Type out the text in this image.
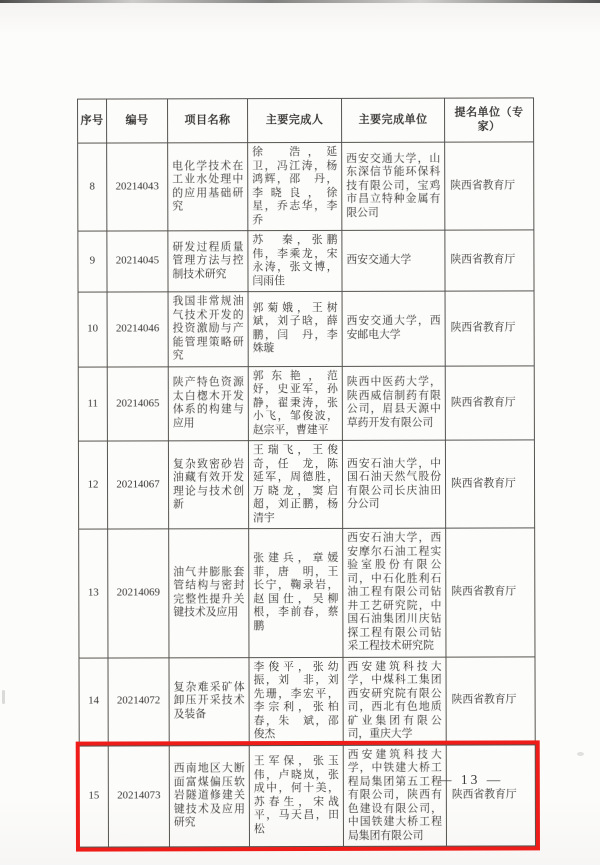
序号	编号	项目名称	主要完成人	主要完成单位	提名单位（专家）
8	20214043	电化学技术在工业水处理中的应用基础研究	徐　浩，延　卫，冯江涛，杨鸿辉，邵　丹，李晓良，徐　星，乔志华，李　乔	西安交通大学，山东深信节能环保科技有限公司，宝鸡市昌立特种金属有限公司	陕西省教育厅
9	20214045	研发过程质量管理方法与控制技术研究	苏　秦，张鹏伟，李乘龙，宋永涛，张文博，闫雨佳	西安交通大学	陕西省教育厅
10	20214046	我国非常规油气技术开发的投资激励与产能管理策略研究	郭菊娥，王树斌，刘子晗，薛　鹏，闫　丹，李姝璇	西安交通大学，西安邮电大学	陕西省教育厅
11	20214065	陕产特色资源太白楤木开发体系的构建与应用	郭东艳，范　妤，史亚军，孙　静，翟秉涛，张小飞，邹俊波，赵宗平，曹建平	陕西中医药大学，陕西威信制药有限公司，眉县天源中草药开发有限公司	陕西省教育厅
12	20214067	复杂致密砂岩油藏有效开发理论与技术创新	王瑞飞，王俊奇，任　龙，陈延军，周德胜，万晓龙，窦启超，刘正鹏，杨清宇	西安石油大学，中国石油天然气股份有限公司长庆油田分公司	陕西省教育厅
13	20214069	油气井膨胀套管结构与密封完整性提升关键技术及应用	张建兵，章媛菲，唐　明，王长宁，鞠录岩，赵国仕，吴柳根，李前春，蔡　鹏	西安石油大学，西安摩尔石油工程实验室股份有限公司，中石化胜利石油工程有限公司钻井工艺研究院，中国石油集团川庆钻探工程有限公司钻采工程技术研究院	陕西省教育厅
14	20214072	复杂难采矿体卸压开采技术及装备	李俊平，张幼振，刘　非，刘先珊，李宏平，李宗利，张柏春，朱　斌，邵俊杰	西安建筑科技大学，中煤科工集团西安研究院有限公司，西北有色地质矿业集团有限公司，重庆大学	陕西省教育厅
15	20214073	西南地区大断面富煤偏压软岩隧道修建关键技术及应用研究	王军保，张玉伟，卢晓岚，张成中，何十美，苏春生，宋战平，马天昌，田　松	西安建筑科技大学，中铁建大桥工程局集团第五工程有限公司，陕西有色建设有限公司，中国铁建大桥工程局集团有限公司	陕西省教育厅
— 13 —
